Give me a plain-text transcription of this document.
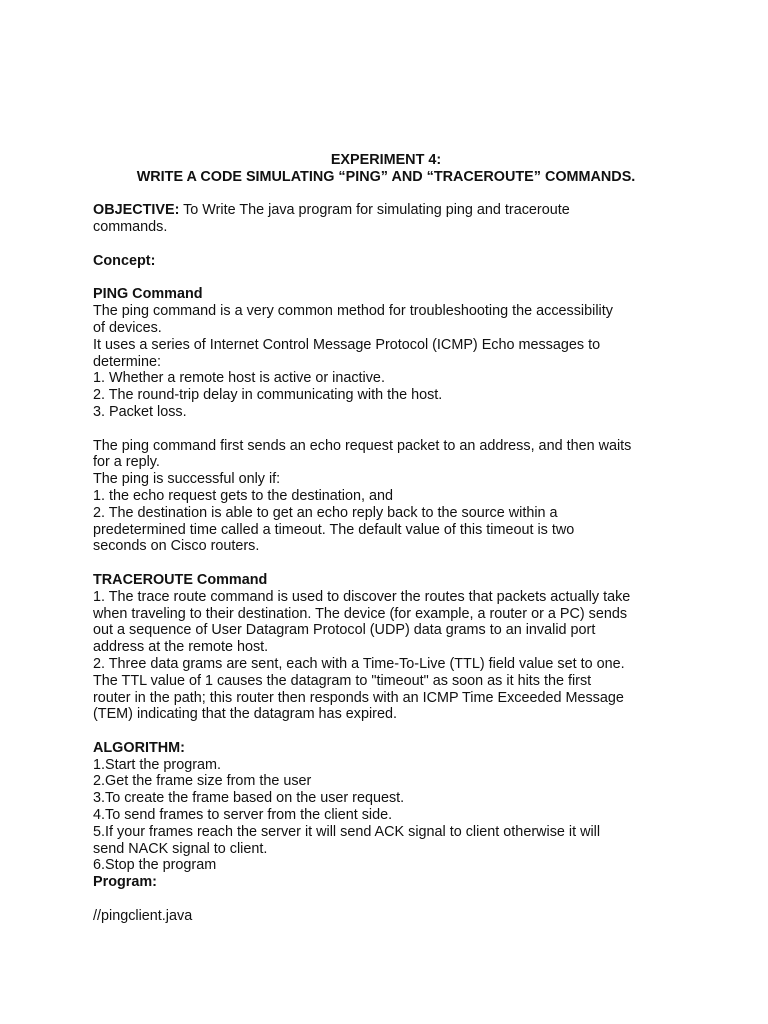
EXPERIMENT 4:
WRITE A CODE SIMULATING “PING” AND “TRACEROUTE” COMMANDS.
OBJECTIVE: To Write The java program for simulating ping and traceroute
commands.
Concept:
PING Command
The ping command is a very common method for troubleshooting the accessibility
of devices.
It uses a series of Internet Control Message Protocol (ICMP) Echo messages to
determine:
1. Whether a remote host is active or inactive.
2. The round-trip delay in communicating with the host.
3. Packet loss.
The ping command first sends an echo request packet to an address, and then waits
for a reply.
The ping is successful only if:
1. the echo request gets to the destination, and
2. The destination is able to get an echo reply back to the source within a
predetermined time called a timeout. The default value of this timeout is two
seconds on Cisco routers.
TRACEROUTE Command
1. The trace route command is used to discover the routes that packets actually take
when traveling to their destination. The device (for example, a router or a PC) sends
out a sequence of User Datagram Protocol (UDP) data grams to an invalid port
address at the remote host.
2. Three data grams are sent, each with a Time-To-Live (TTL) field value set to one.
The TTL value of 1 causes the datagram to "timeout" as soon as it hits the first
router in the path; this router then responds with an ICMP Time Exceeded Message
(TEM) indicating that the datagram has expired.
ALGORITHM:
1.Start the program.
2.Get the frame size from the user
3.To create the frame based on the user request.
4.To send frames to server from the client side.
5.If your frames reach the server it will send ACK signal to client otherwise it will
send NACK signal to client.
6.Stop the program
Program:
//pingclient.java
